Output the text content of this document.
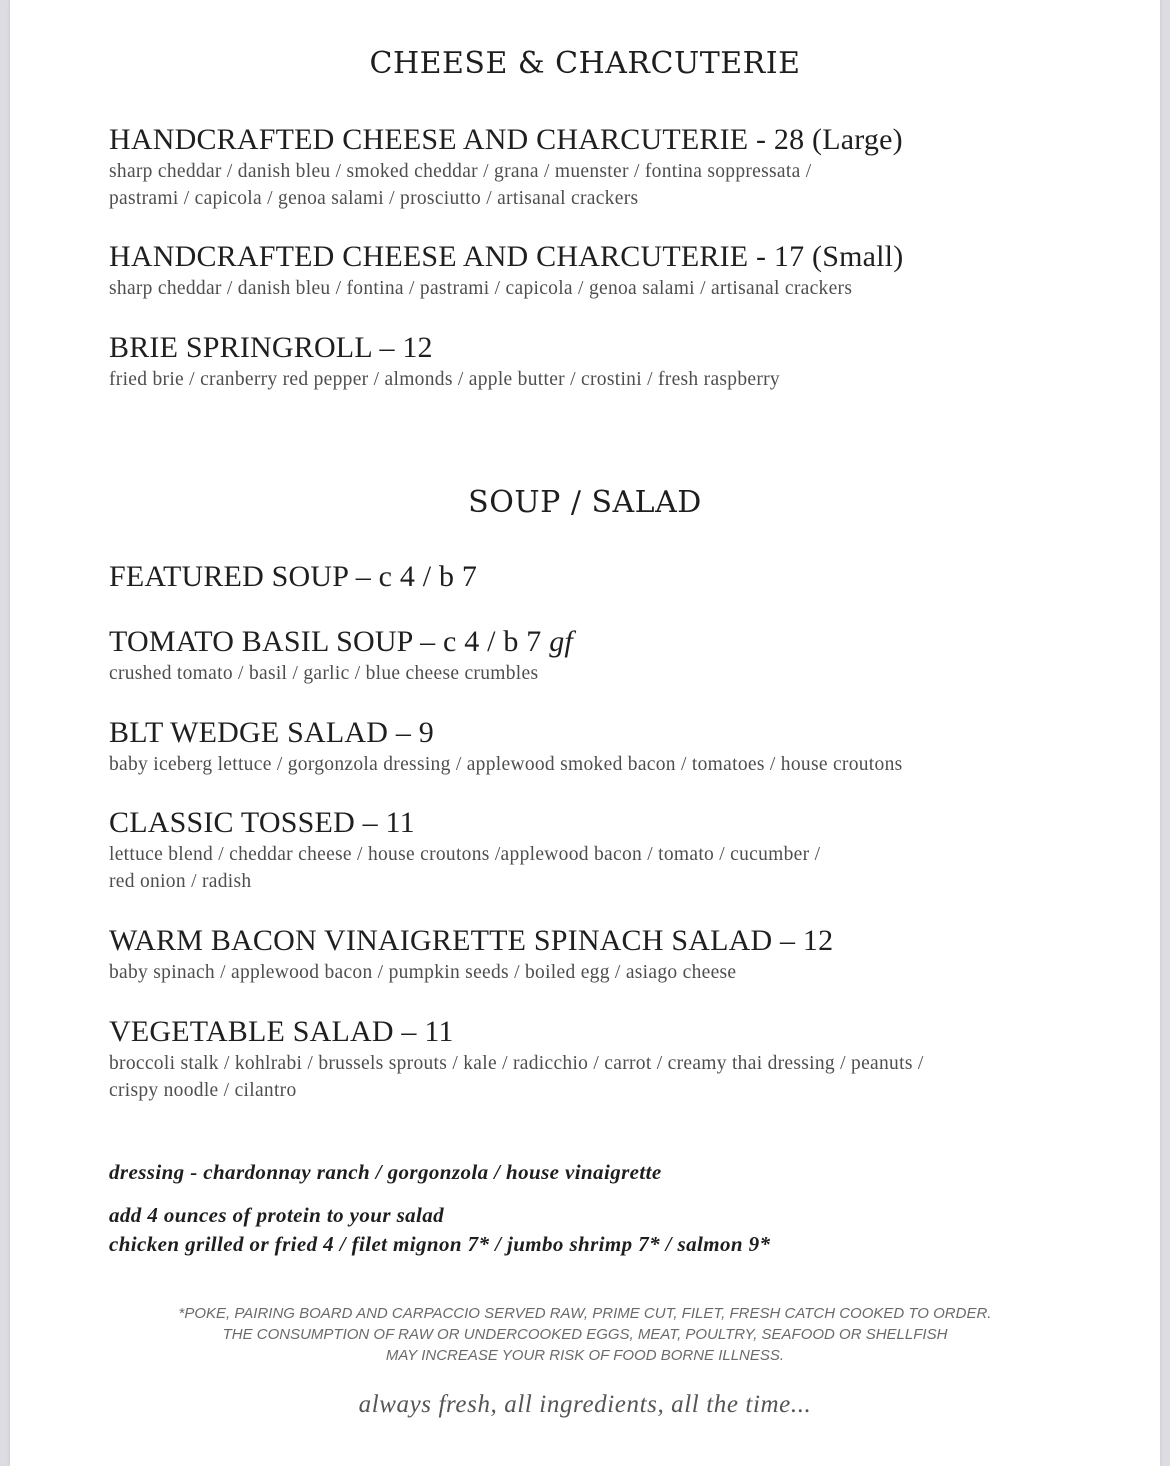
CHEESE & CHARCUTERIE
HANDCRAFTED CHEESE AND CHARCUTERIE - 28 (Large)
sharp cheddar / danish bleu / smoked cheddar / grana / muenster / fontina soppressata /
pastrami / capicola / genoa salami / prosciutto / artisanal crackers
HANDCRAFTED CHEESE AND CHARCUTERIE - 17 (Small)
sharp cheddar / danish bleu / fontina / pastrami / capicola / genoa salami / artisanal crackers
BRIE SPRINGROLL – 12
fried brie / cranberry red pepper / almonds / apple butter / crostini / fresh raspberry
SOUP / SALAD
FEATURED SOUP – c 4 / b 7
TOMATO BASIL SOUP – c 4 / b 7 gf
crushed tomato / basil / garlic / blue cheese crumbles
BLT WEDGE SALAD – 9
baby iceberg lettuce / gorgonzola dressing / applewood smoked bacon / tomatoes / house croutons
CLASSIC TOSSED – 11
lettuce blend / cheddar cheese / house croutons /applewood bacon / tomato / cucumber /
red onion / radish
WARM BACON VINAIGRETTE SPINACH SALAD – 12
baby spinach / applewood bacon / pumpkin seeds / boiled egg / asiago cheese
VEGETABLE SALAD – 11
broccoli stalk / kohlrabi / brussels sprouts / kale / radicchio / carrot / creamy thai dressing / peanuts /
crispy noodle / cilantro
dressing - chardonnay ranch / gorgonzola / house vinaigrette
add 4 ounces of protein to your salad
chicken grilled or fried 4 / filet mignon 7* / jumbo shrimp 7* / salmon 9*
*POKE, PAIRING BOARD AND CARPACCIO SERVED RAW, PRIME CUT, FILET, FRESH CATCH COOKED TO ORDER.
THE CONSUMPTION OF RAW OR UNDERCOOKED EGGS, MEAT, POULTRY, SEAFOOD OR SHELLFISH
MAY INCREASE YOUR RISK OF FOOD BORNE ILLNESS.
always fresh, all ingredients, all the time...
